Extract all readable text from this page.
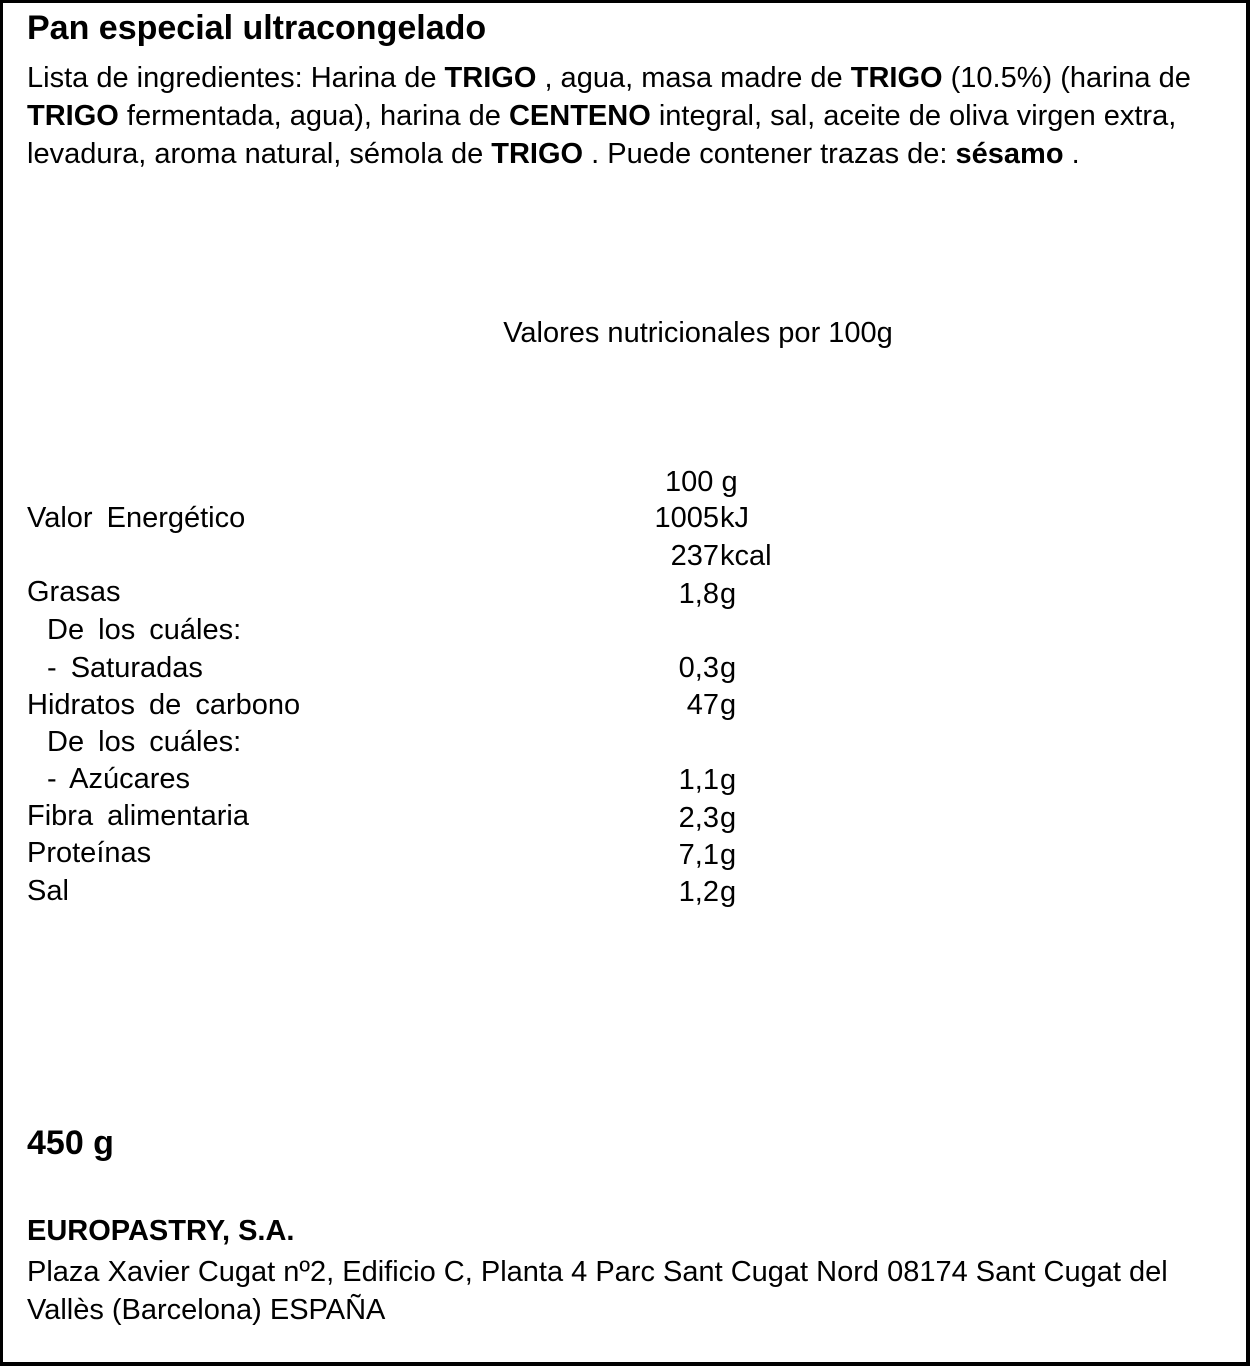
Pan especial ultracongelado
Lista de ingredientes: Harina de TRIGO , agua, masa madre de TRIGO (10.5%) (harina de TRIGO fermentada, agua), harina de CENTENO integral, sal, aceite de oliva virgen extra, levadura, aroma natural, sémola de TRIGO . Puede contener trazas de: sésamo .
Valores nutricionales por 100g
100 g
Valor Energético	1005 kJ
237 kcal
Grasas	1,8 g
De los cuáles:
- Saturadas	0,3 g
Hidratos de carbono	47 g
De los cuáles:
- Azúcares	1,1 g
Fibra alimentaria	2,3 g
Proteínas	7,1 g
Sal	1,2 g
450 g
EUROPASTRY, S.A.
Plaza Xavier Cugat nº2, Edificio C, Planta 4 Parc Sant Cugat Nord 08174 Sant Cugat del Vallès (Barcelona) ESPAÑA
